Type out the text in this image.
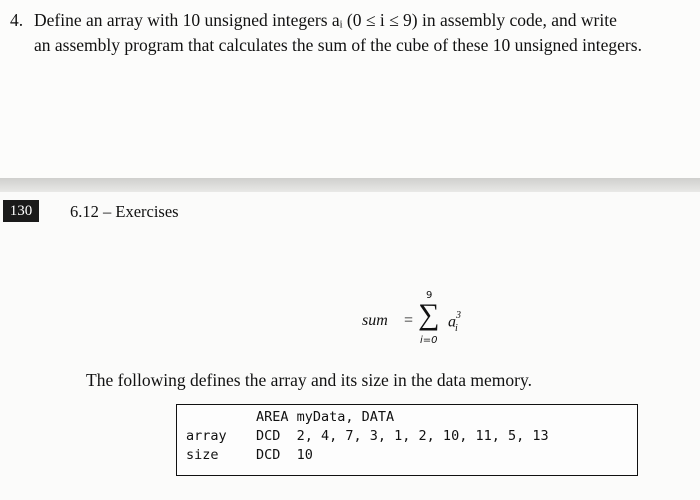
4. Define an array with 10 unsigned integers aᵢ (0 ≤ i ≤ 9) in assembly code, and write
an assembly program that calculates the sum of the cube of these 10 unsigned integers.
130	6.12 – Exercises
sum =
9
∑
i=0
$a^3_i$
The following defines the array and its size in the data memory.
AREA myData, DATA
array DCD  2, 4, 7, 3, 1, 2, 10, 11, 5, 13
size	DCD  10
